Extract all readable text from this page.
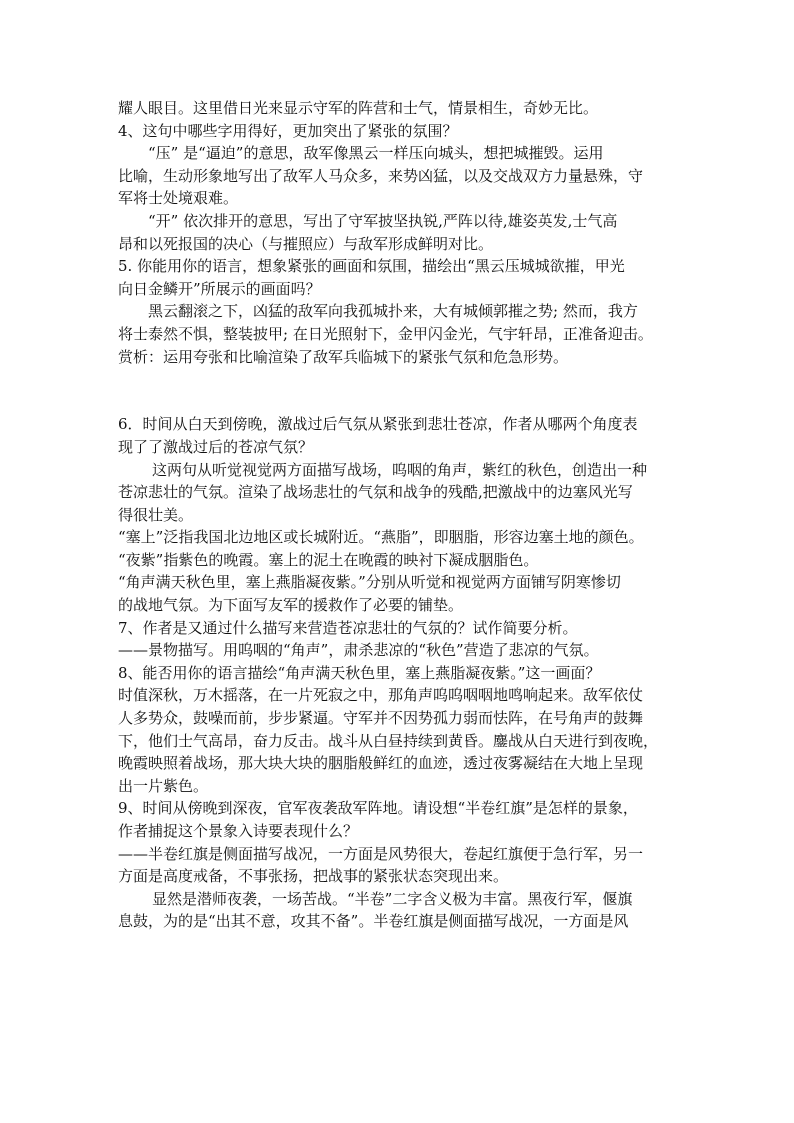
耀人眼目。这里借日光来显示守军的阵营和士气，情景相生，奇妙无比。
4、这句中哪些字用得好，更加突出了紧张的氛围？
“压” 是“逼迫”的意思，敌军像黑云一样压向城头，想把城摧毁。运用
比喻，生动形象地写出了敌军人马众多，来势凶猛，以及交战双方力量悬殊，守
军将士处境艰难。
“开” 依次排开的意思，写出了守军披坚执锐,严阵以待,雄姿英发,士气高
昂和以死报国的决心（与摧照应）与敌军形成鲜明对比。
5. 你能用你的语言，想象紧张的画面和氛围，描绘出“黑云压城城欲摧，甲光
向日金鳞开”所展示的画面吗？
黑云翻滚之下，凶猛的敌军向我孤城扑来，大有城倾郭摧之势; 然而，我方
将士泰然不惧，整装披甲; 在日光照射下，金甲闪金光，气宇轩昂，正准备迎击。
赏析：运用夸张和比喻渲染了敌军兵临城下的紧张气氛和危急形势。
6．时间从白天到傍晚，激战过后气氛从紧张到悲壮苍凉，作者从哪两个角度表
现了了激战过后的苍凉气氛？
这两句从听觉视觉两方面描写战场，呜咽的角声，紫红的秋色，创造出一种
苍凉悲壮的气氛。渲染了战场悲壮的气氛和战争的残酷,把激战中的边塞风光写
得很壮美。
“塞上”泛指我国北边地区或长城附近。“燕脂”，即胭脂，形容边塞土地的颜色。
“夜紫”指紫色的晚霞。塞上的泥土在晚霞的映衬下凝成胭脂色。
“角声满天秋色里，塞上燕脂凝夜紫。”分别从听觉和视觉两方面铺写阴寒惨切
的战地气氛。为下面写友军的援救作了必要的铺垫。
7、作者是又通过什么描写来营造苍凉悲壮的气氛的？试作简要分析。
——景物描写。用呜咽的“角声”，肃杀悲凉的“秋色”营造了悲凉的气氛。
8、能否用你的语言描绘“角声满天秋色里，塞上燕脂凝夜紫。”这一画面？
时值深秋，万木摇落，在一片死寂之中，那角声呜呜咽咽地鸣响起来。敌军依仗
人多势众，鼓噪而前，步步紧逼。守军并不因势孤力弱而怯阵，在号角声的鼓舞
下，他们士气高昂，奋力反击。战斗从白昼持续到黄昏。鏖战从白天进行到夜晚，
晚霞映照着战场，那大块大块的胭脂般鲜红的血迹，透过夜雾凝结在大地上呈现
出一片紫色。
9、时间从傍晚到深夜，官军夜袭敌军阵地。请设想“半卷红旗”是怎样的景象，
作者捕捉这个景象入诗要表现什么？
——半卷红旗是侧面描写战况，一方面是风势很大，卷起红旗便于急行军，另一
方面是高度戒备，不事张扬，把战事的紧张状态突现出来。
显然是潜师夜袭，一场苦战。“半卷”二字含义极为丰富。黑夜行军，偃旗
息鼓，为的是“出其不意，攻其不备”。半卷红旗是侧面描写战况，一方面是风
